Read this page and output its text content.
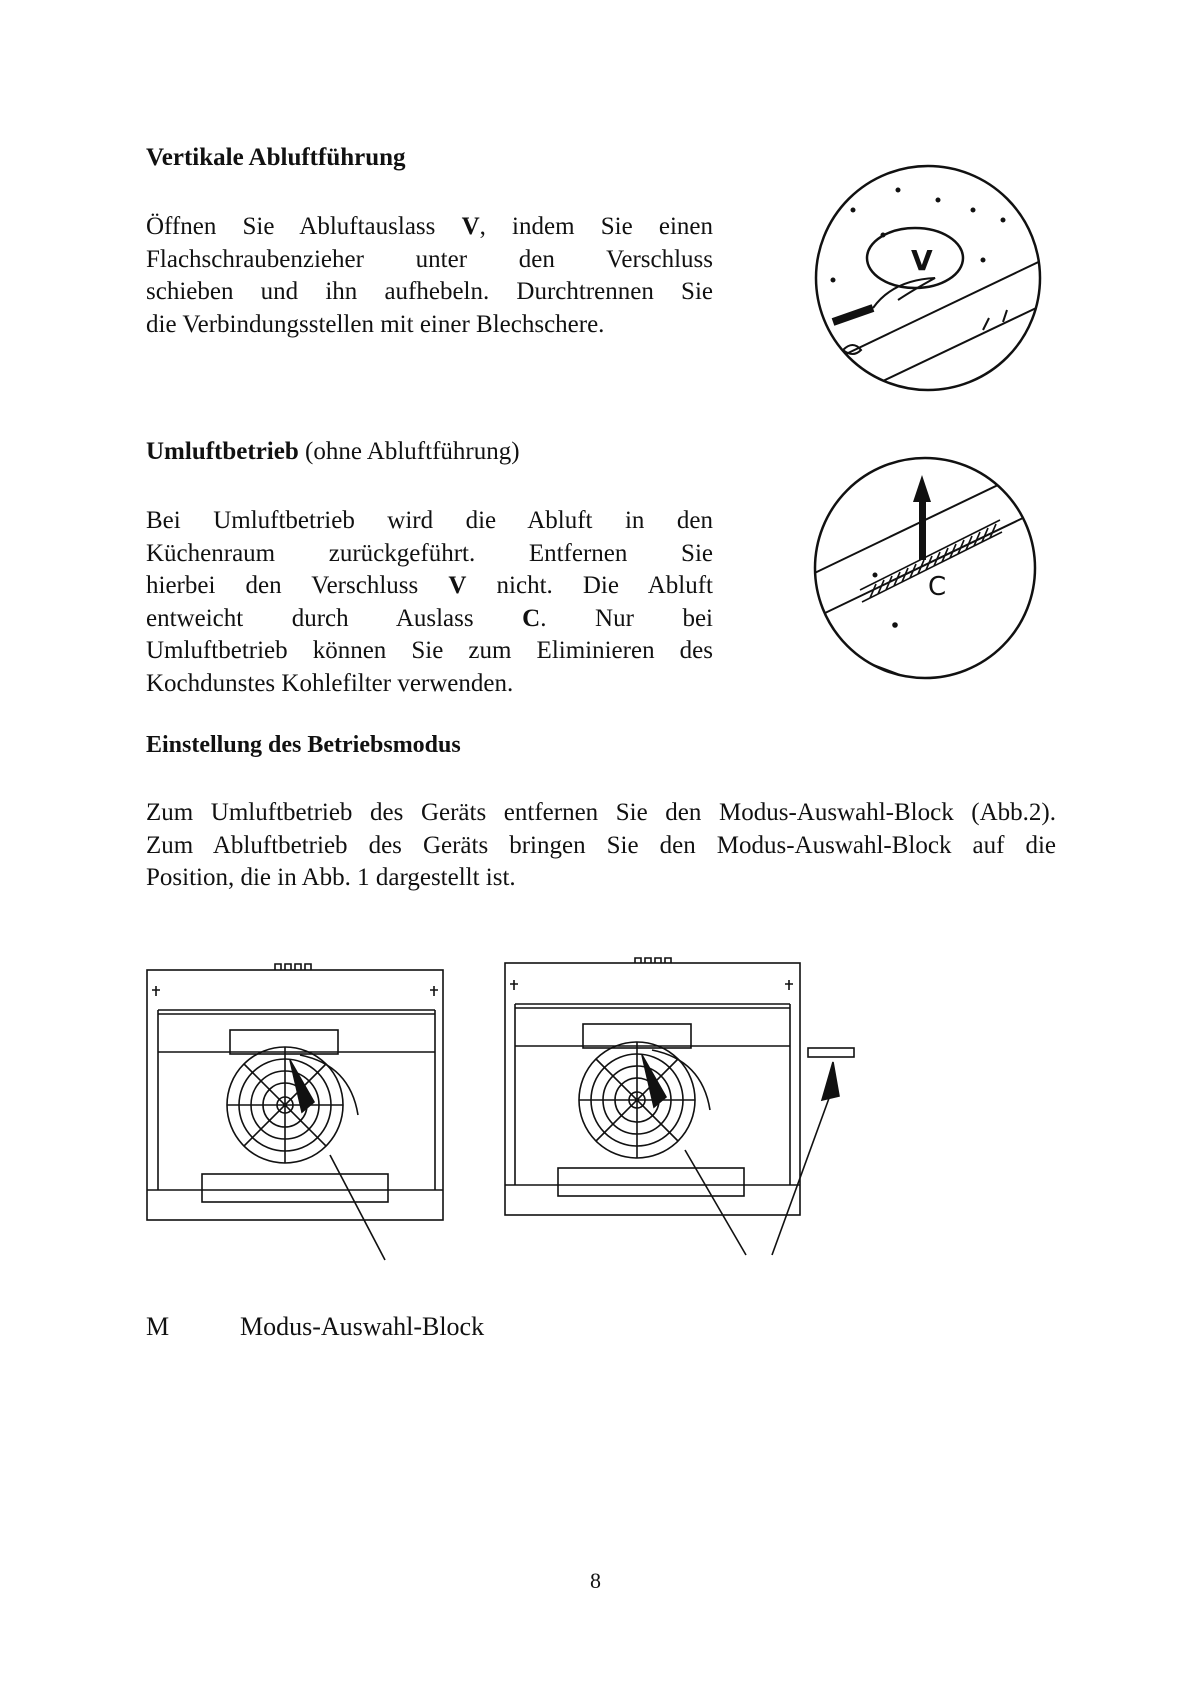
Vertikale Abluftführung
Öffnen Sie Abluftauslass V, indem Sie einen
Flachschraubenzieher unter den Verschluss
schieben und ihn aufhebeln. Durchtrennen Sie
die Verbindungsstellen mit einer Blechschere.
V
Umluftbetrieb (ohne Abluftführung)
Bei Umluftbetrieb wird die Abluft in den
Küchenraum zurückgeführt. Entfernen Sie
hierbei den Verschluss V nicht. Die Abluft
entweicht durch Auslass C. Nur bei
Umluftbetrieb können Sie zum Eliminieren des
Kochdunstes Kohlefilter verwenden.
C
Einstellung des Betriebsmodus
Zum Umluftbetrieb des Geräts entfernen Sie den Modus-Auswahl-Block (Abb.2).
Zum Abluftbetrieb des Geräts bringen Sie den Modus-Auswahl-Block auf die
Position, die in Abb. 1 dargestellt ist.
M	Modus-Auswahl-Block
8
